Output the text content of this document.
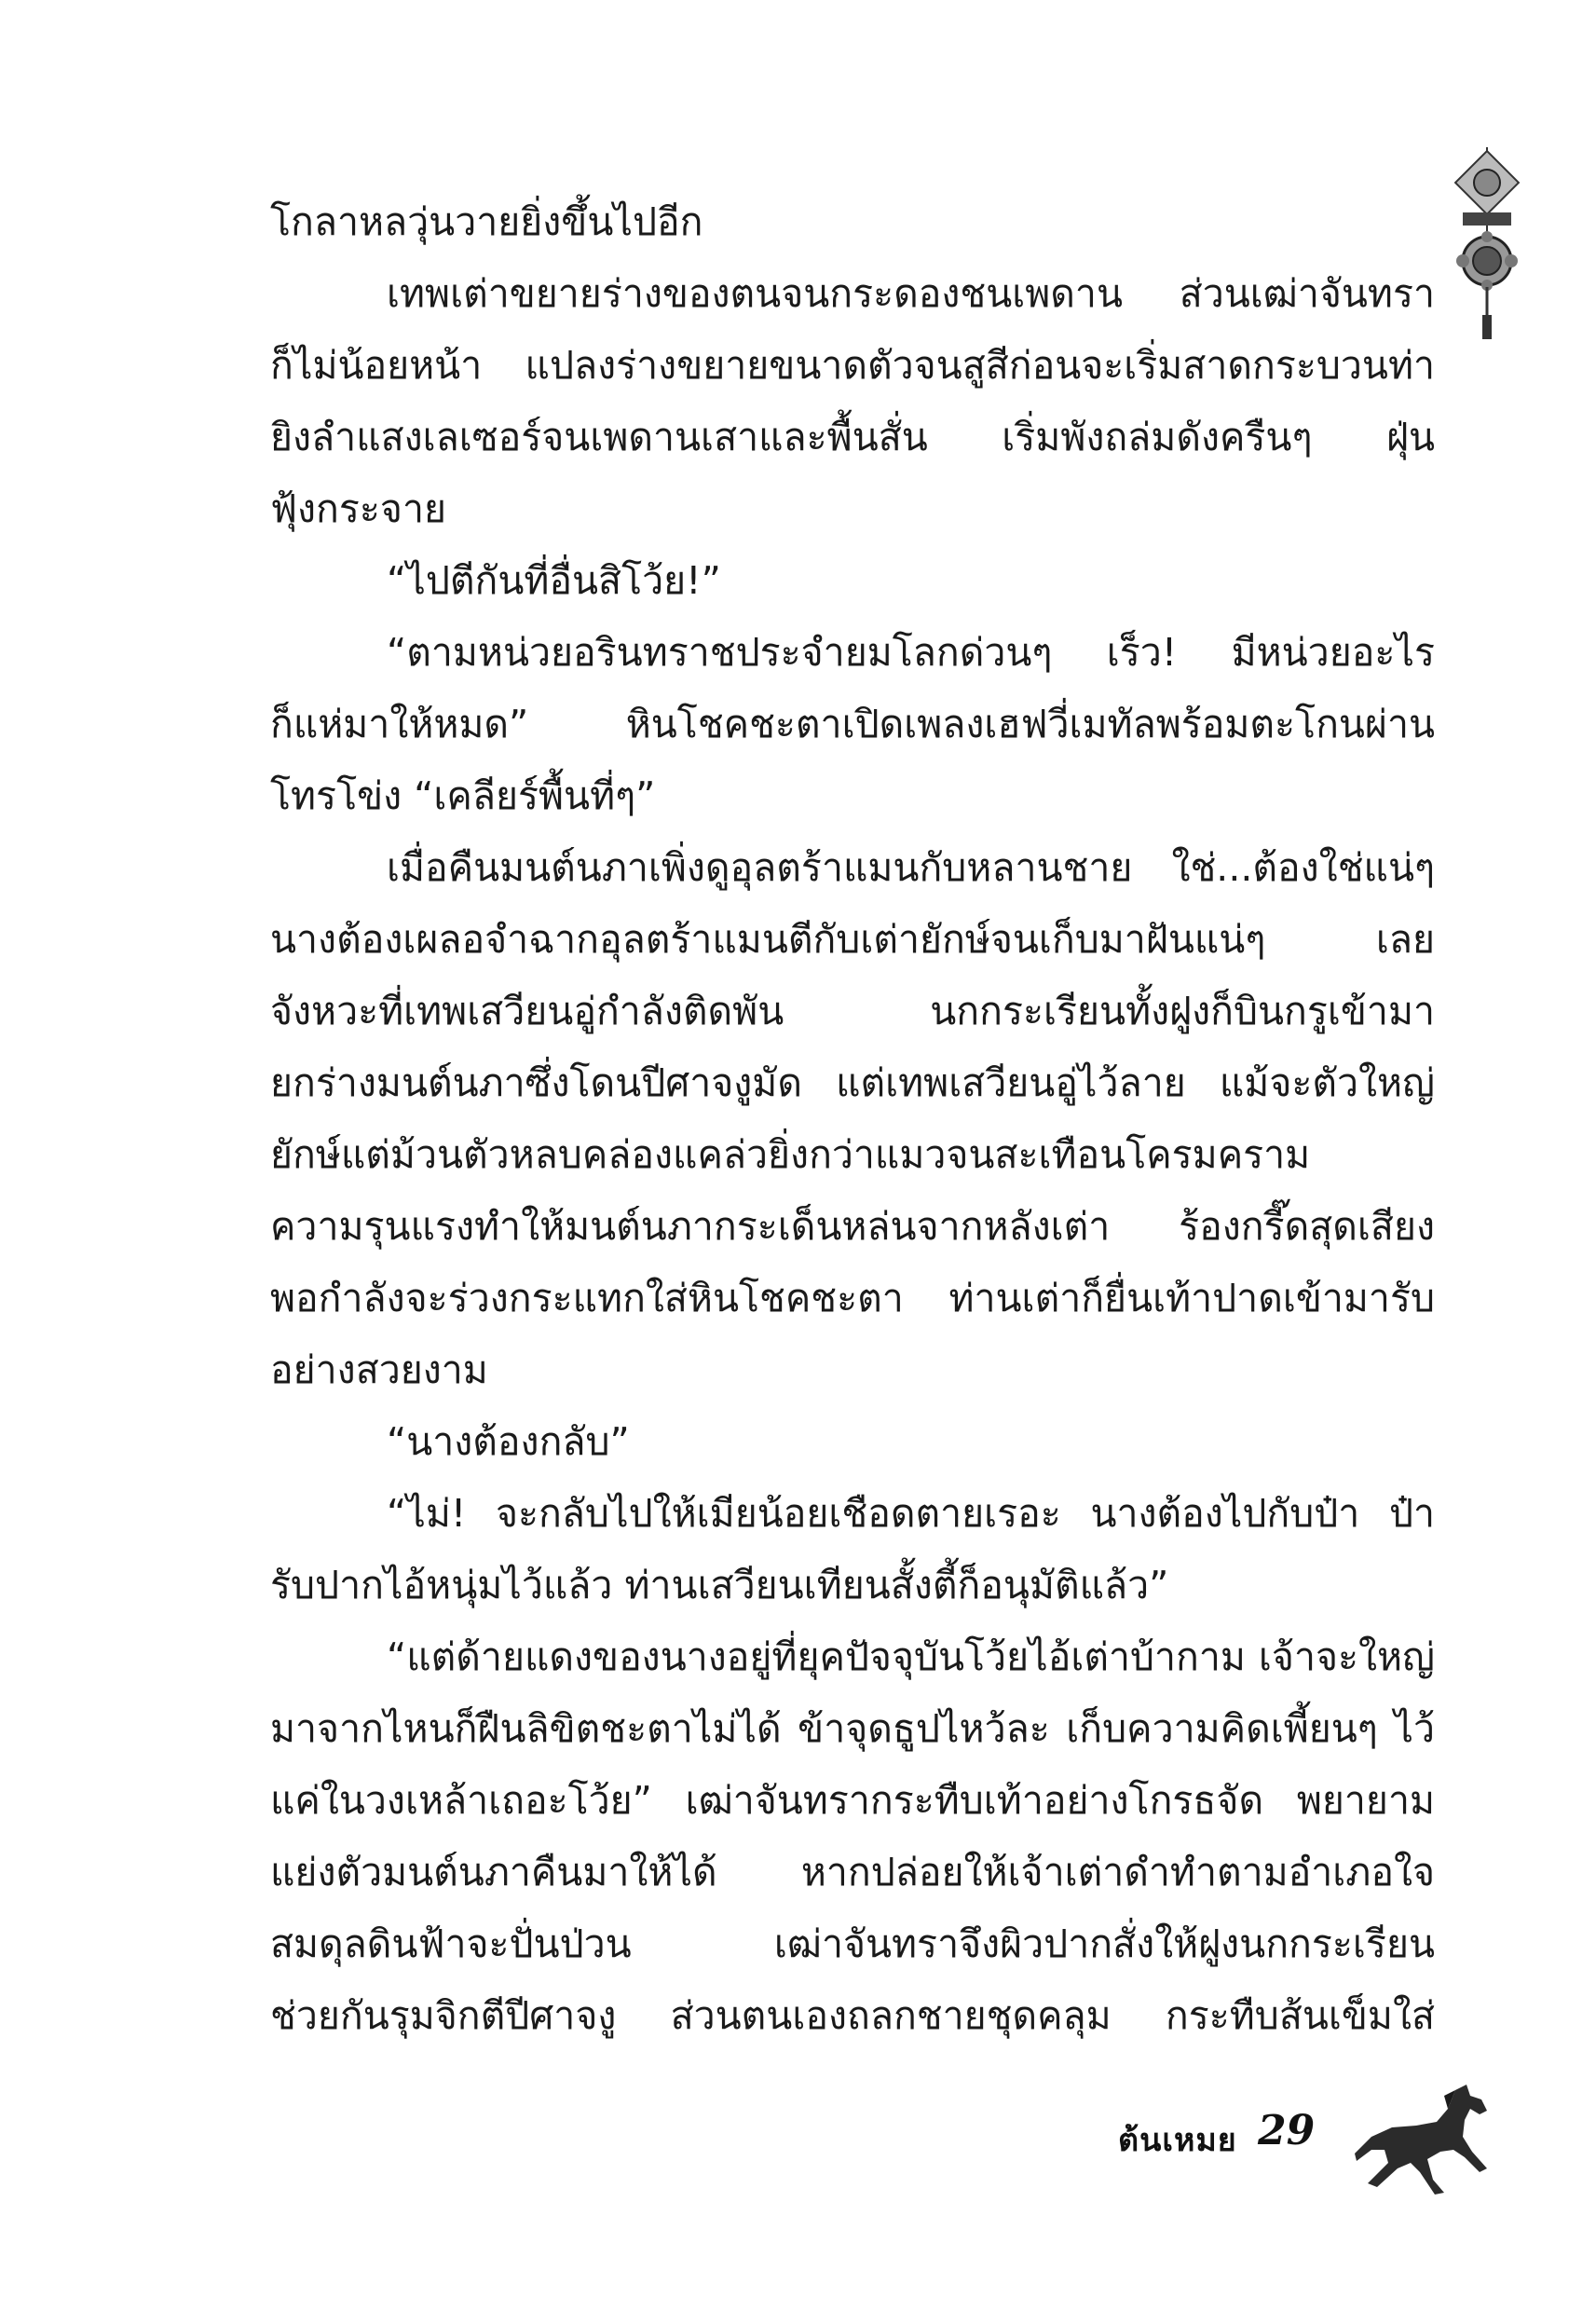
โกลาหลวุ่นวายยิ่งขึ้นไปอีก
เทพเต่าขยายร่างของตนจนกระดองชนเพดาน ส่วนเฒ่าจันทรา
ก็ไม่น้อยหน้า แปลงร่างขยายขนาดตัวจนสูสีก่อนจะเริ่มสาดกระบวนท่า
ยิงลำแสงเลเซอร์จนเพดานเสาและพื้นสั่น เริ่มพังถล่มดังครืนๆ ฝุ่น
ฟุ้งกระจาย
“ไปตีกันที่อื่นสิโว้ย!”
“ตามหน่วยอรินทราชประจำยมโลกด่วนๆ เร็ว! มีหน่วยอะไร
ก็แห่มาให้หมด” หินโชคชะตาเปิดเพลงเฮฟวี่เมทัลพร้อมตะโกนผ่าน
โทรโข่ง “เคลียร์พื้นที่ๆ”
เมื่อคืนมนต์นภาเพิ่งดูอุลตร้าแมนกับหลานชาย ใช่...ต้องใช่แน่ๆ
นางต้องเผลอจำฉากอุลตร้าแมนตีกับเต่ายักษ์จนเก็บมาฝันแน่ๆ เลย
จังหวะที่เทพเสวียนอู่กำลังติดพัน นกกระเรียนทั้งฝูงก็บินกรูเข้ามา
ยกร่างมนต์นภาซึ่งโดนปีศาจงูมัด แต่เทพเสวียนอู่ไว้ลาย แม้จะตัวใหญ่
ยักษ์แต่ม้วนตัวหลบคล่องแคล่วยิ่งกว่าแมวจนสะเทือนโครมคราม
ความรุนแรงทำให้มนต์นภากระเด็นหล่นจากหลังเต่า ร้องกรี๊ดสุดเสียง
พอกำลังจะร่วงกระแทกใส่หินโชคชะตา ท่านเต่าก็ยื่นเท้าปาดเข้ามารับ
อย่างสวยงาม
“นางต้องกลับ”
“ไม่! จะกลับไปให้เมียน้อยเชือดตายเรอะ นางต้องไปกับป๋า ป๋า
รับปากไอ้หนุ่มไว้แล้ว ท่านเสวียนเทียนสั้งตี้ก็อนุมัติแล้ว”
“แต่ด้ายแดงของนางอยู่ที่ยุคปัจจุบันโว้ยไอ้เต่าบ้ากาม เจ้าจะใหญ่
มาจากไหนก็ฝืนลิขิตชะตาไม่ได้ ข้าจุดธูปไหว้ละ เก็บความคิดเพี้ยนๆ ไว้
แค่ในวงเหล้าเถอะโว้ย” เฒ่าจันทรากระทืบเท้าอย่างโกรธจัด พยายาม
แย่งตัวมนต์นภาคืนมาให้ได้ หากปล่อยให้เจ้าเต่าดำทำตามอำเภอใจ
สมดุลดินฟ้าจะปั่นป่วน เฒ่าจันทราจึงผิวปากสั่งให้ฝูงนกกระเรียน
ช่วยกันรุมจิกตีปีศาจงู ส่วนตนเองถลกชายชุดคลุม กระทืบส้นเข็มใส่
ต้นเหมย 29
